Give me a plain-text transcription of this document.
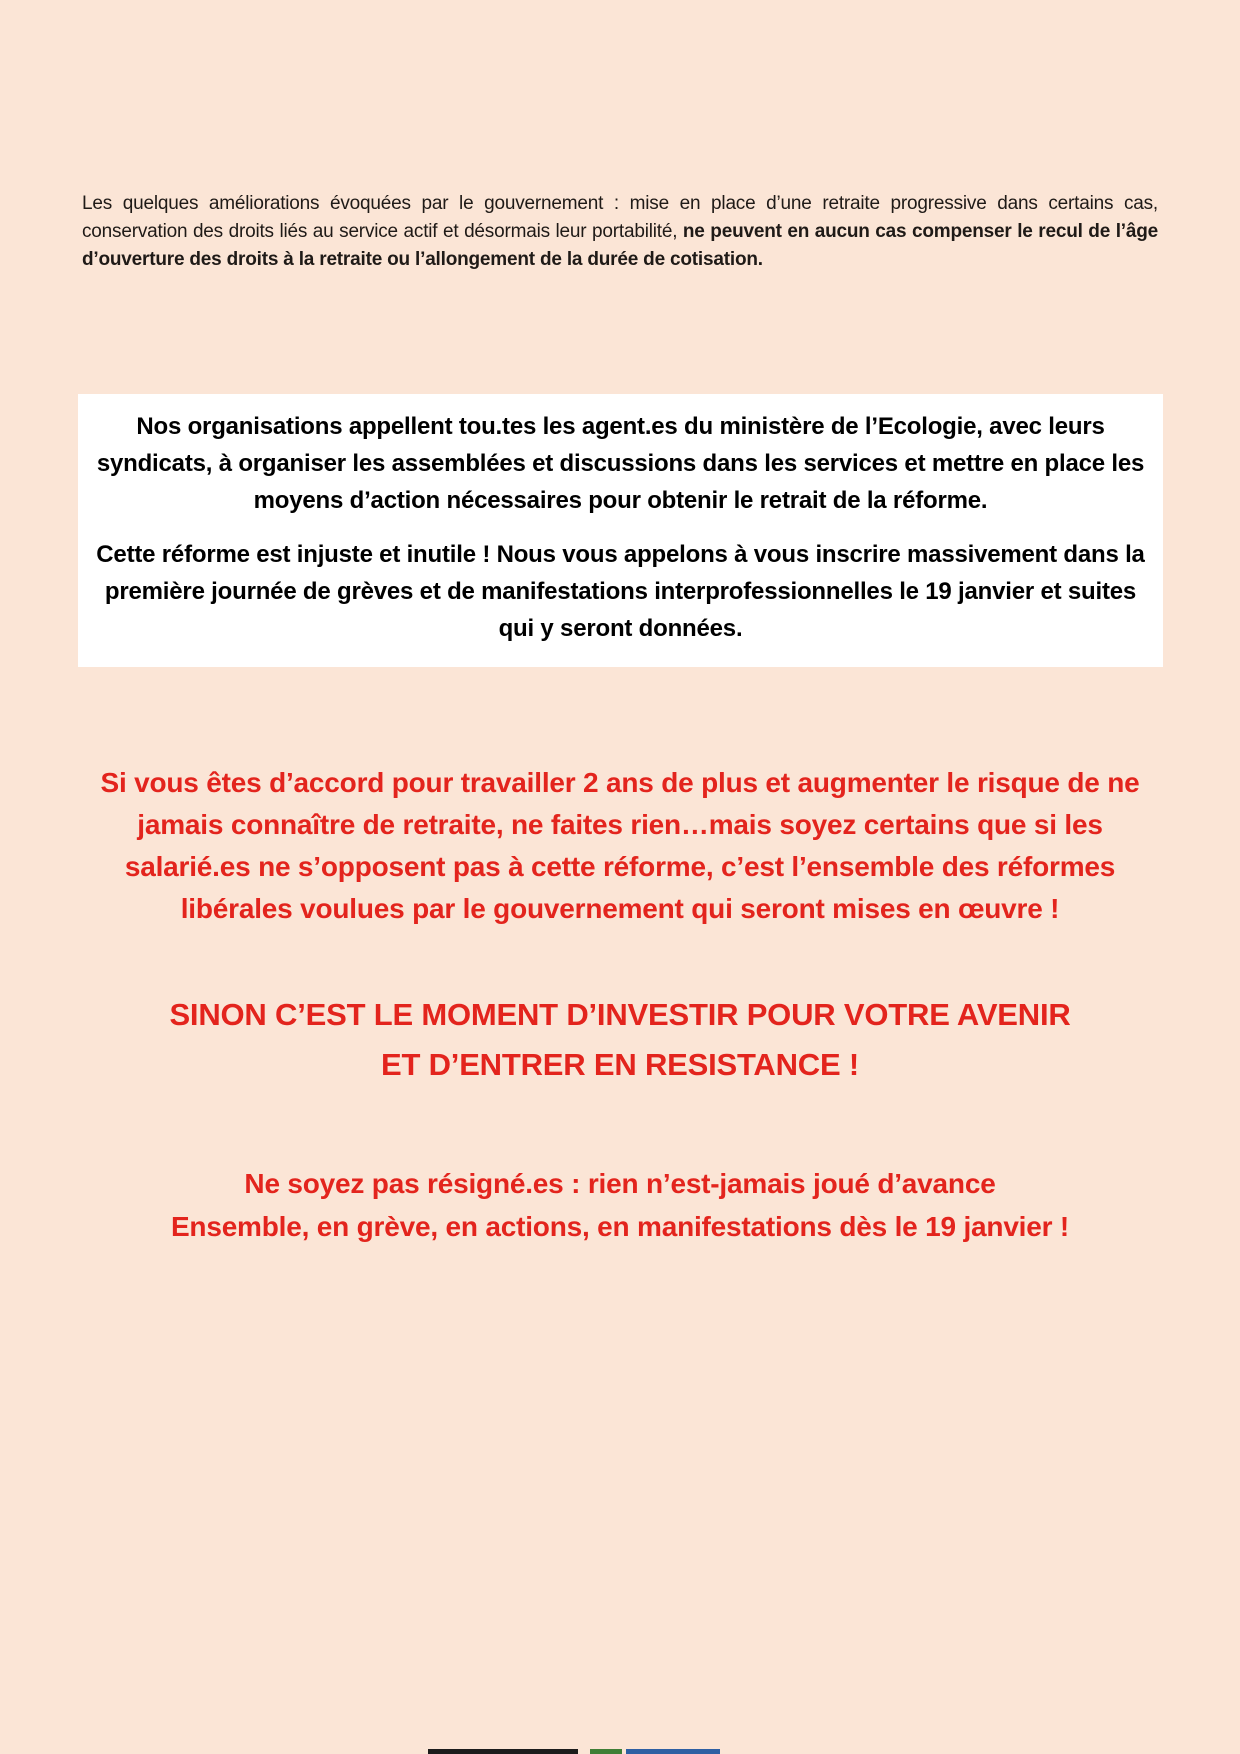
Les quelques améliorations évoquées par le gouvernement : mise en place d’une retraite progressive dans certains cas, conservation des droits liés au service actif et désormais leur portabilité, ne peuvent en aucun cas compenser le recul de l’âge d’ouverture des droits à la retraite ou l’allongement de la durée de cotisation.

Nos organisations appellent tou.tes les agent.es du ministère de l’Ecologie, avec leurs syndicats, à organiser les assemblées et discussions dans les services et mettre en place les moyens d’action nécessaires pour obtenir le retrait de la réforme.

Cette réforme est injuste et inutile ! Nous vous appelons à vous inscrire massivement dans la première journée de grèves et de manifestations interprofessionnelles le 19 janvier et suites qui y seront données.

Si vous êtes d’accord pour travailler 2 ans de plus et augmenter le risque de ne jamais connaître de retraite, ne faites rien…mais soyez certains que si les salarié.es ne s’opposent pas à cette réforme, c’est l’ensemble des réformes libérales voulues par le gouvernement qui seront mises en œuvre !

SINON C’EST LE MOMENT D’INVESTIR POUR VOTRE AVENIR
ET D’ENTRER EN RESISTANCE !
Ne soyez pas résigné.es : rien n’est-jamais joué d’avance
Ensemble, en grève, en actions, en manifestations dès le 19 janvier !
